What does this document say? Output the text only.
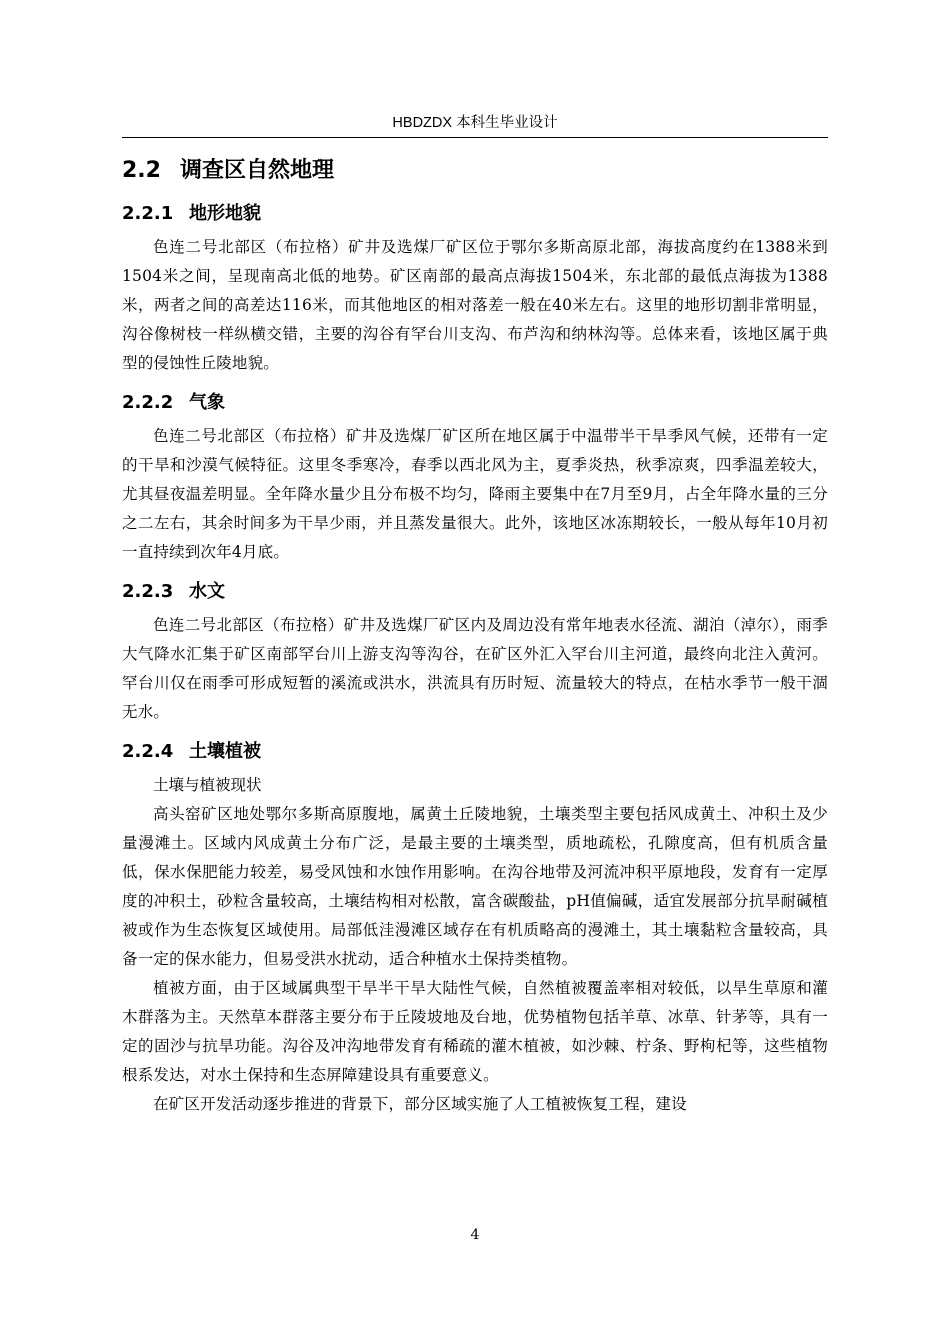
HBDZDX 本科生毕业设计
2.2 调查区自然地理
2.2.1 地形地貌

色连二号北部区（布拉格）矿井及选煤厂矿区位于鄂尔多斯高原北部，海拔高度约在1388米到1504米之间，呈现南高北低的地势。矿区南部的最高点海拔1504米，东北部的最低点海拔为1388米，两者之间的高差达116米，而其他地区的相对落差一般在40米左右。这里的地形切割非常明显，沟谷像树枝一样纵横交错，主要的沟谷有罕台川支沟、布芦沟和纳林沟等。总体来看，该地区属于典型的侵蚀性丘陵地貌。

2.2.2 气象

色连二号北部区（布拉格）矿井及选煤厂矿区所在地区属于中温带半干旱季风气候，还带有一定的干旱和沙漠气候特征。这里冬季寒冷，春季以西北风为主，夏季炎热，秋季凉爽，四季温差较大，尤其昼夜温差明显。全年降水量少且分布极不均匀，降雨主要集中在7月至9月，占全年降水量的三分之二左右，其余时间多为干旱少雨，并且蒸发量很大。此外，该地区冰冻期较长，一般从每年10月初一直持续到次年4月底。

2.2.3 水文

色连二号北部区（布拉格）矿井及选煤厂矿区内及周边没有常年地表水径流、湖泊（淖尔），雨季大气降水汇集于矿区南部罕台川上游支沟等沟谷，在矿区外汇入罕台川主河道，最终向北注入黄河。罕台川仅在雨季可形成短暂的溪流或洪水，洪流具有历时短、流量较大的特点，在枯水季节一般干涸无水。

2.2.4 土壤植被

土壤与植被现状

高头窑矿区地处鄂尔多斯高原腹地，属黄土丘陵地貌，土壤类型主要包括风成黄土、冲积土及少量漫滩土。区域内风成黄土分布广泛，是最主要的土壤类型，质地疏松，孔隙度高，但有机质含量低，保水保肥能力较差，易受风蚀和水蚀作用影响。在沟谷地带及河流冲积平原地段，发育有一定厚度的冲积土，砂粒含量较高，土壤结构相对松散，富含碳酸盐，pH值偏碱，适宜发展部分抗旱耐碱植被或作为生态恢复区域使用。局部低洼漫滩区域存在有机质略高的漫滩土，其土壤黏粒含量较高，具备一定的保水能力，但易受洪水扰动，适合种植水土保持类植物。

植被方面，由于区域属典型干旱半干旱大陆性气候，自然植被覆盖率相对较低，以旱生草原和灌木群落为主。天然草本群落主要分布于丘陵坡地及台地，优势植物包括羊草、冰草、针茅等，具有一定的固沙与抗旱功能。沟谷及冲沟地带发育有稀疏的灌木植被，如沙棘、柠条、野枸杞等，这些植物根系发达，对水土保持和生态屏障建设具有重要意义。

在矿区开发活动逐步推进的背景下，部分区域实施了人工植被恢复工程，建设

4
